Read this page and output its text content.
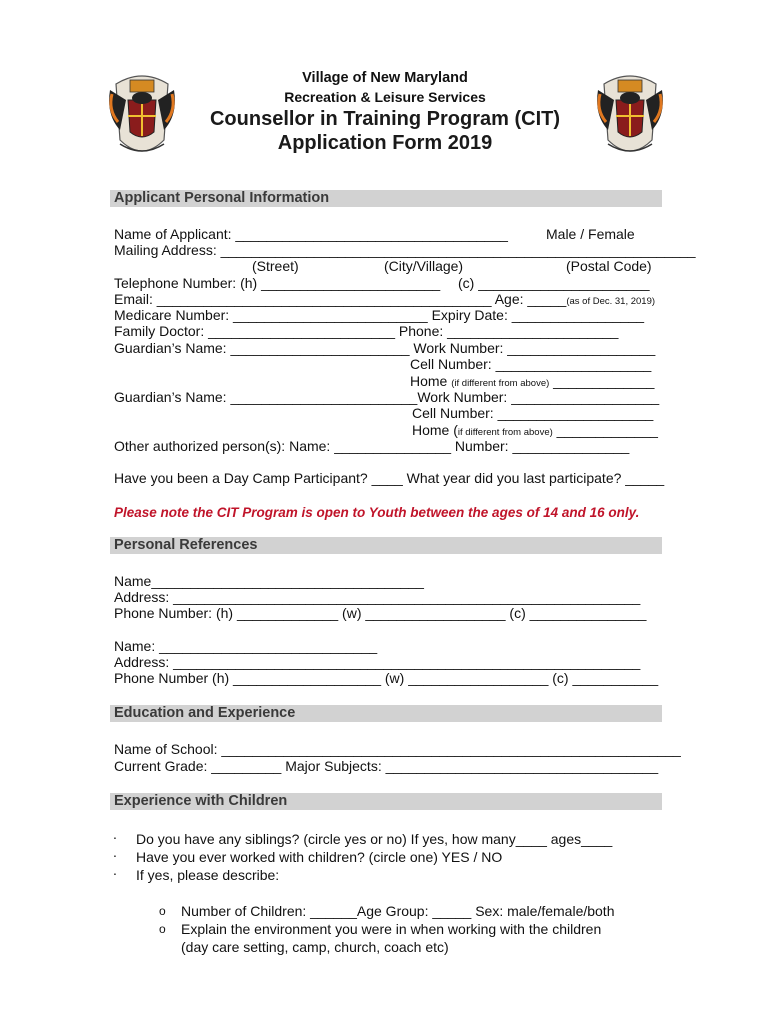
Village of New Maryland
Recreation & Leisure Services
Counsellor in Training Program (CIT)
Application Form 2019
Applicant Personal Information
Name of Applicant: ___________________________________	Male / Female
Mailing Address: _____________________________________________________________
(Street)	(City/Village)	(Postal Code)
Telephone Number: (h) _______________________ (c) ______________________
Email: ___________________________________________ Age: _____(as of Dec. 31, 2019)
Medicare Number: _________________________ Expiry Date: _________________
Family Doctor: ________________________ Phone: ______________________
Guardian’s Name: _______________________ Work Number: ___________________
Cell Number: ____________________
Home (if different from above) _____________
Guardian’s Name: ________________________Work Number: ___________________
Cell Number: ____________________
Home (if different from above) _____________
Other authorized person(s): Name: _______________ Number: _______________
Have you been a Day Camp Participant? ____ What year did you last participate? _____
Please note the CIT Program is open to Youth between the ages of 14 and 16 only.
Personal References
Name___________________________________
Address: ____________________________________________________________
Phone Number: (h) _____________ (w) __________________ (c) _______________
Name: ____________________________
Address: ____________________________________________________________
Phone Number (h) ___________________ (w) __________________ (c) ___________
Education and Experience
Name of School: ___________________________________________________________
Current Grade: _________ Major Subjects: ___________________________________
Experience with Children
. Do you have any siblings? (circle yes or no) If yes, how many____ ages____
. Have you ever worked with children? (circle one) YES / NO
. If yes, please describe:
o Number of Children: ______Age Group: _____ Sex: male/female/both
o Explain the environment you were in when working with the children
(day care setting, camp, church, coach etc)
